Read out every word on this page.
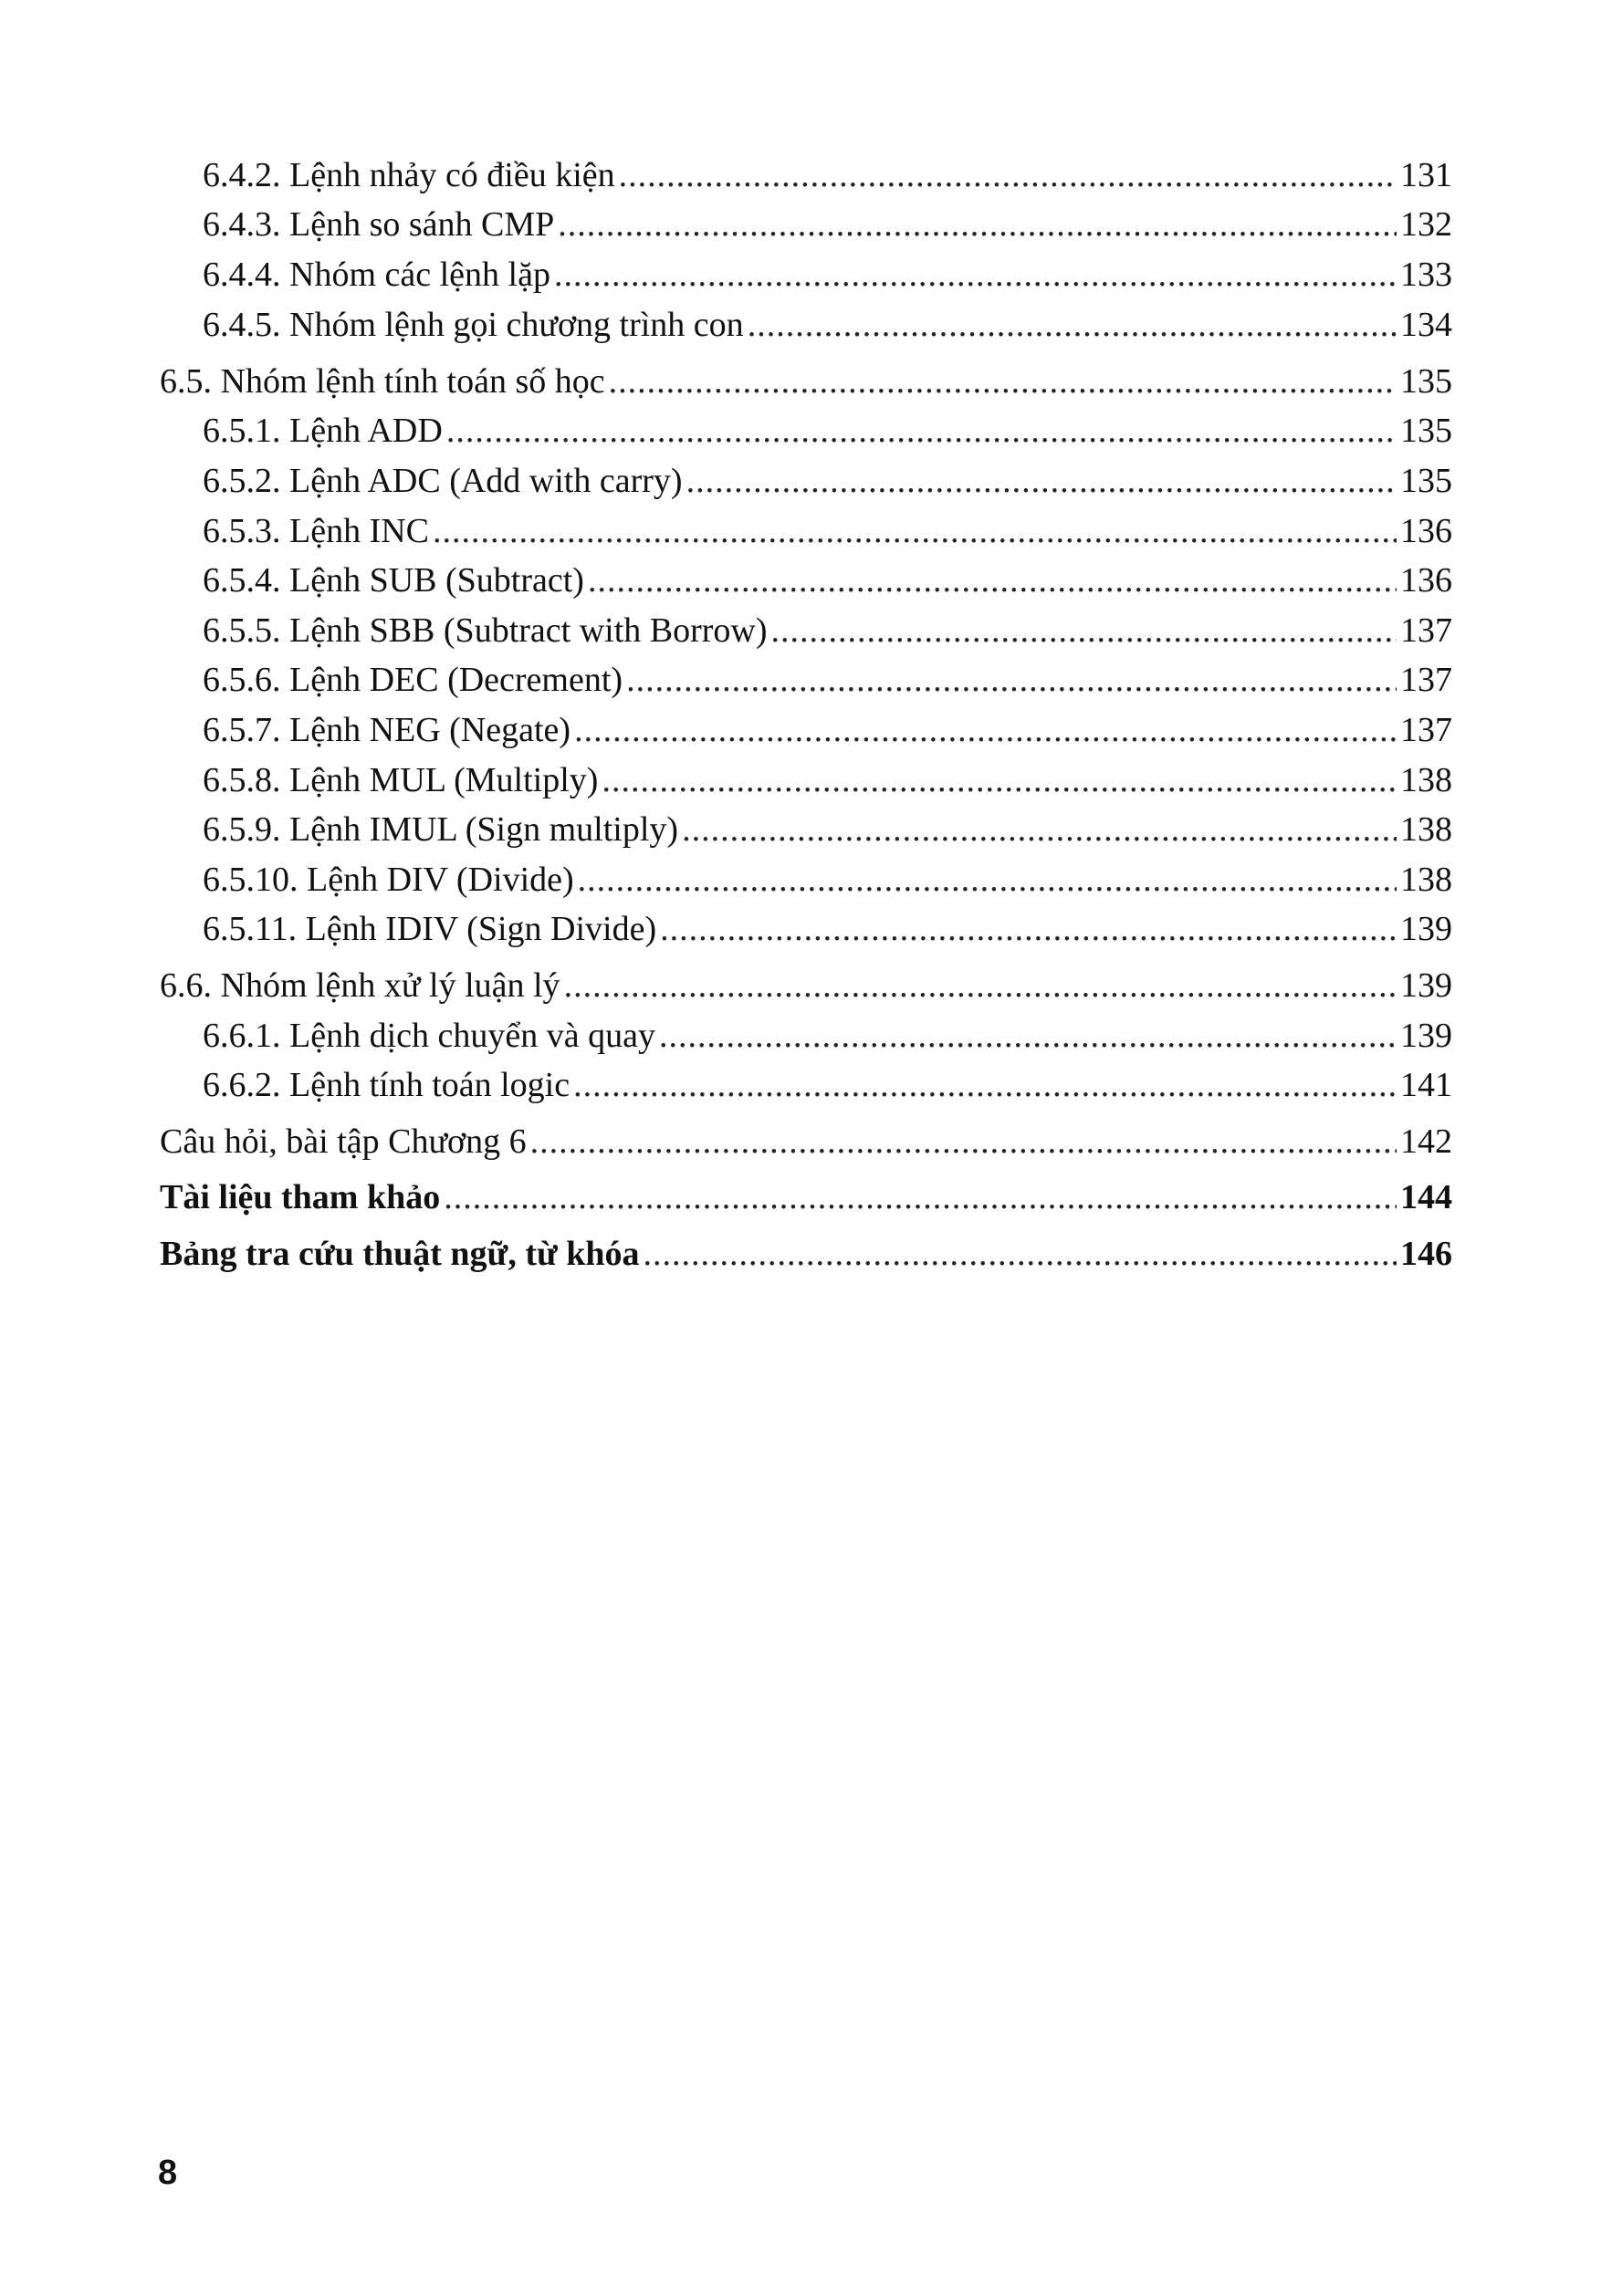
6.4.2. Lệnh nhảy có điều kiện .....	131
6.4.3. Lệnh so sánh CMP .....	132
6.4.4. Nhóm các lệnh lặp .....	133
6.4.5. Nhóm lệnh gọi chương trình con .....	134
6.5. Nhóm lệnh tính toán số học .....	135
6.5.1. Lệnh ADD .....	135
6.5.2. Lệnh ADC (Add with carry) .....	135
6.5.3. Lệnh INC .....	136
6.5.4. Lệnh SUB (Subtract) .....	136
6.5.5. Lệnh SBB (Subtract with Borrow) .....	137
6.5.6. Lệnh DEC (Decrement) .....	137
6.5.7. Lệnh NEG (Negate) .....	137
6.5.8. Lệnh MUL (Multiply) .....	138
6.5.9. Lệnh IMUL (Sign multiply) .....	138
6.5.10. Lệnh DIV (Divide) .....	138
6.5.11. Lệnh IDIV (Sign Divide) .....	139
6.6. Nhóm lệnh xử lý luận lý .....	139
6.6.1. Lệnh dịch chuyển và quay .....	139
6.6.2. Lệnh tính toán logic .....	141
Câu hỏi, bài tập Chương 6 .....	142
Tài liệu tham khảo .....	144
Bảng tra cứu thuật ngữ, từ khóa .....	146
8
